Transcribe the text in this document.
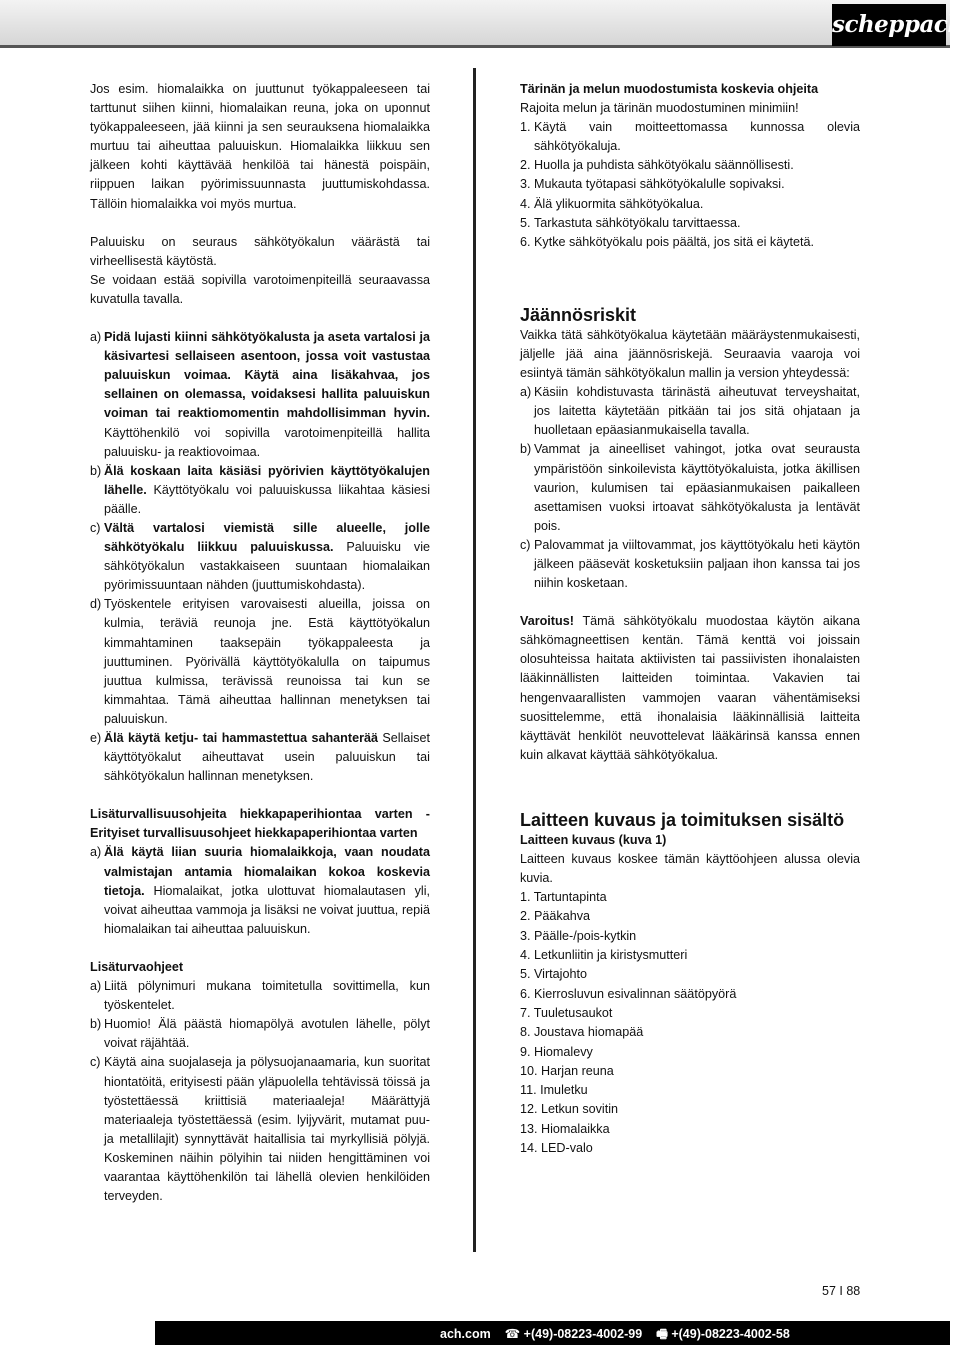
scheppach

Jos esim. hiomalaikka on juuttunut työkappaleeseen tai tarttunut siihen kiinni, hiomalaikan reuna, joka on uponnut työkappaleeseen, jää kiinni ja sen seurauksena hiomalaikka murtuu tai aiheuttaa paluuiskun. Hiomalaikka liikkuu sen jälkeen kohti käyttävää henkilöä tai hänestä poispäin, riippuen laikan pyörimissuunnasta juuttumiskohdassa. Tällöin hiomalaikka voi myös murtua.

Paluuisku on seuraus sähkötyökalun väärästä tai virheellisestä käytöstä.

Se voidaan estää sopivilla varotoimenpiteillä seuraavassa kuvatulla tavalla.

a) Pidä lujasti kiinni sähkötyökalusta ja aseta vartalosi ja käsivartesi sellaiseen asentoon, jossa voit vastustaa paluuiskun voimaa. Käytä aina lisäkahvaa, jos sellainen on olemassa, voidaksesi hallita paluuiskun voiman tai reaktiomomentin mahdollisimman hyvin. Käyttöhenkilö voi sopivilla varotoimenpiteillä hallita paluuisku- ja reaktiovoimaa.
b) Älä koskaan laita käsiäsi pyörivien käyttötyökalujen lähelle. Käyttötyökalu voi paluuiskussa liikahtaa käsiesi päälle.
c) Vältä vartalosi viemistä sille alueelle, jolle sähkötyökalu liikkuu paluuiskussa. Paluuisku vie sähkötyökalun vastakkaiseen suuntaan hiomalaikan pyörimissuuntaan nähden (juuttumiskohdasta).
d) Työskentele erityisen varovaisesti alueilla, joissa on kulmia, teräviä reunoja jne. Estä käyttötyökalun kimmahtaminen taaksepäin työkappaleesta ja juuttuminen. Pyörivällä käyttötyökalulla on taipumus juuttua kulmissa, terävissä reunoissa tai kun se kimmahtaa. Tämä aiheuttaa hallinnan menetyksen tai paluuiskun.
e) Älä käytä ketju- tai hammastettua sahanterää Sellaiset käyttötyökalut aiheuttavat usein paluuiskun tai sähkötyökalun hallinnan menetyksen.

Lisäturvallisuusohjeita hiekkapaperihiontaa varten - Erityiset turvallisuusohjeet hiekkapaperihiontaa varten

a) Älä käytä liian suuria hiomalaikkoja, vaan noudata valmistajan antamia hiomalaikan kokoa koskevia tietoja. Hiomalaikat, jotka ulottuvat hiomalautasen yli, voivat aiheuttaa vammoja ja lisäksi ne voivat juuttua, repiä hiomalaikan tai aiheuttaa paluuiskun.

Lisäturvaohjeet

a) Liitä pölynimuri mukana toimitetulla sovittimella, kun työskentelet.
b) Huomio! Älä päästä hiomapölyä avotulen lähelle, pölyt voivat räjähtää.
c) Käytä aina suojalaseja ja pölysuojanaamaria, kun suoritat hiontatöitä, erityisesti pään yläpuolella tehtävissä töissä ja työstettäessä kriittisiä materiaaleja! Määrättyjä materiaaleja työstettäessä (esim. lyijyvärit, mutamat puu- ja metallilajit) synnyttävät haitallisia tai myrkyllisiä pölyjä. Koskeminen näihin pölyihin tai niiden hengittäminen voi vaarantaa käyttöhenkilön tai lähellä olevien henkilöiden terveyden.

Tärinän ja melun muodostumista koskevia ohjeita

Rajoita melun ja tärinän muodostuminen minimiin!

1. Käytä vain moitteettomassa kunnossa olevia sähkötyökaluja.
2. Huolla ja puhdista sähkötyökalu säännöllisesti.
3. Mukauta työtapasi sähkötyökalulle sopivaksi.
4. Älä ylikuormita sähkötyökalua.
5. Tarkastuta sähkötyökalu tarvittaessa.
6. Kytke sähkötyökalu pois päältä, jos sitä ei käytetä.
Jäännösriskit

Vaikka tätä sähkötyökalua käytetään määräystenmukaisesti, jäljelle jää aina jäännösriskejä. Seuraavia vaaroja voi esiintyä tämän sähkötyökalun mallin ja version yhteydessä:

a) Käsiin kohdistuvasta tärinästä aiheutuvat terveyshaitat, jos laitetta käytetään pitkään tai jos sitä ohjataan ja huolletaan epäasianmukaisella tavalla.
b) Vammat ja aineelliset vahingot, jotka ovat seurausta ympäristöön sinkoilevista käyttötyökaluista, jotka äkillisen vaurion, kulumisen tai epäasianmukaisen paikalleen asettamisen vuoksi irtoavat sähkötyökalusta ja lentävät pois.
c) Palovammat ja viiltovammat, jos käyttötyökalu heti käytön jälkeen pääsevät kosketuksiin paljaan ihon kanssa tai jos niihin kosketaan.

Varoitus! Tämä sähkötyökalu muodostaa käytön aikana sähkömagneettisen kentän. Tämä kenttä voi joissain olosuhteissa haitata aktiivisten tai passiivisten ihonalaisten lääkinnällisten laitteiden toimintaa. Vakavien tai hengenvaarallisten vammojen vaaran vähentämiseksi suosittelemme, että ihonalaisia lääkinnällisiä laitteita käyttävät henkilöt neuvottelevat lääkärinsä kanssa ennen kuin alkavat käyttää sähkötyökalua.

Laitteen kuvaus ja toimituksen sisältö

Laitteen kuvaus (kuva 1)

Laitteen kuvaus koskee tämän käyttöohjeen alussa olevia kuvia.

1. Tartuntapinta

2. Pääkahva

3. Päälle-/pois-kytkin

4. Letkunliitin ja kiristysmutteri

5. Virtajohto

6. Kierrosluvun esivalinnan säätöpyörä

7. Tuuletusaukot

8. Joustava hiomapää

9. Hiomalevy

10. Harjan reuna

11. Imuletku

12. Letkun sovitin

13. Hiomalaikka

14. LED-valo

57 I 88
ach.com ☎ +(49)-08223-4002-99 🖷 +(49)-08223-4002-58
